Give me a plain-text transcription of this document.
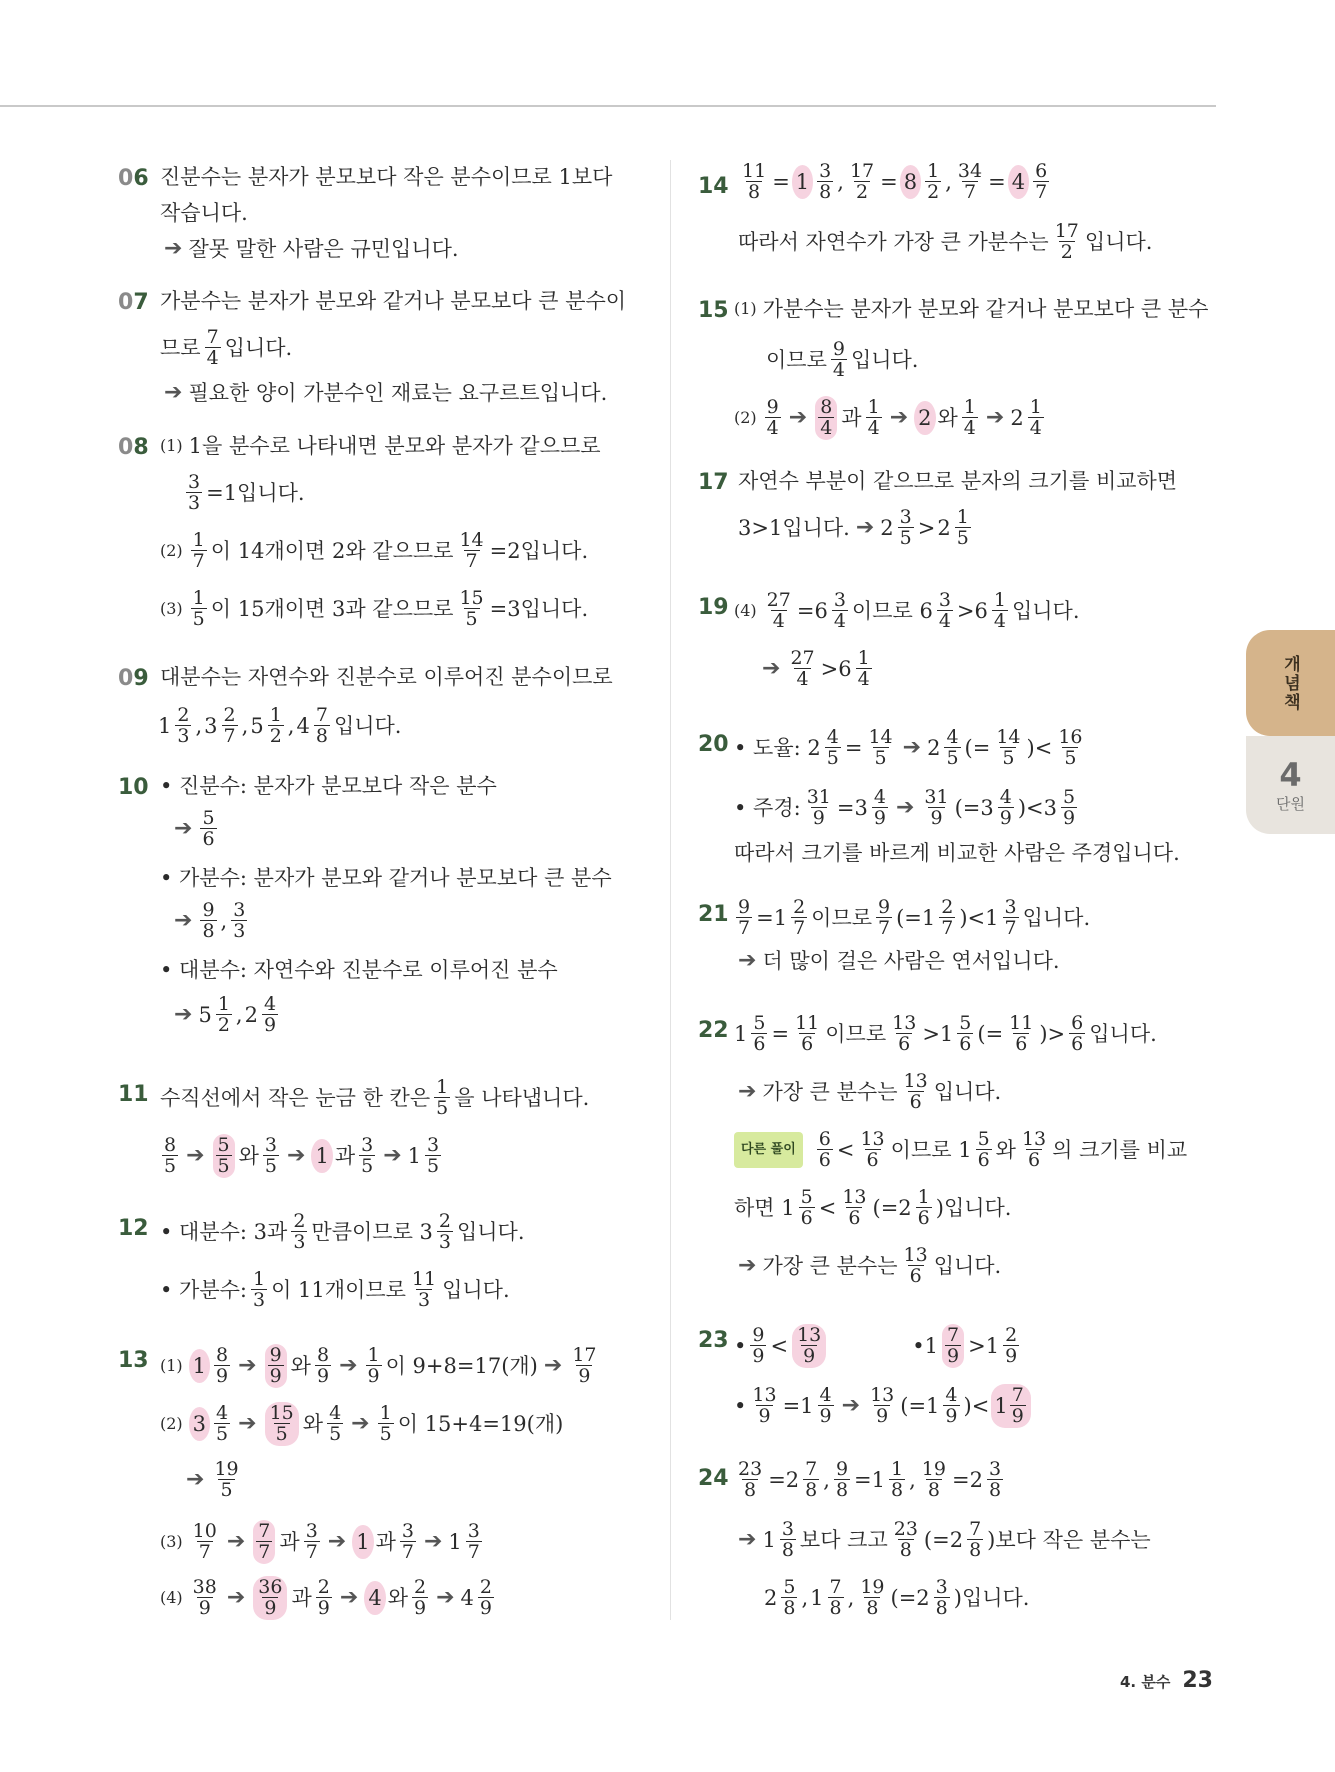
06 진분수는 분자가 분모보다 작은 분수이므로 1보다
작습니다.
➔ 잘못 말한 사람은 규민입니다.
07 가분수는 분자가 분모와 같거나 분모보다 큰 분수이
므로 7
4 입니다.
➔ 필요한 양이 가분수인 재료는 요구르트입니다.
08 (1) 1을 분수로 나타내면 분모와 분자가 같으므로
$\frac{3}{3} =1$입니다.
(2) 1
7 이 14개이면 2와 같으므로 $\frac{14}{7} =2$입니다.
(3) 1
5 이 15개이면 3과 같으므로 $\frac{15}{5} =3$입니다.
09 대분수는 자연수와 진분수로 이루어진 분수이므로
1 2
3 , 3 2
7 , 5 1
2 , 4 7
8 입니다.
10 • 진분수: 분자가 분모보다 작은 분수
➔ 5
6
• 가분수: 분자가 분모와 같거나 분모보다 큰 분수
➔ 9
8 , 3
3
• 대분수: 자연수와 진분수로 이루어진 분수
➔ 5 1
2 , 2 4
9
11 수직선에서 작은 눈금 한 칸은 1
5 을 나타냅니다.
8
5 ➔ 5
5 와 3
5 ➔ 1 과 3
5 ➔ 1 3
5
12 • 대분수: 3과 2
3 만큼이므로 3 2
3 입니다.
• 가분수: 1
3 이 11개이므로 11
3 입니다.
13 (1) 1 8
9 ➔ 9
9 와 8
9 ➔ 1
9 이 9+8=17(개) ➔ 17
9
(2) 3 4
5 ➔ 15
5 와 4
5 ➔ 1
5 이 15+4=19(개)
➔ 19
5
(3) 10
7 ➔ 7
7 과 3
7 ➔ 1 과 3
7 ➔ 1 3
7
(4) 38
9 ➔ 36
9 과 2
9 ➔ 4 와 2
9 ➔ 4 2
9
$14 \frac{11}{8} = 1$ 3
8 , $\frac{17}{2} = 8$ 1
2 , $\frac{34}{7} = 4$ 6
7
따라서 자연수가 가장 큰 가분수는 17
2 입니다.
15 (1) 가분수는 분자가 분모와 같거나 분모보다 큰 분수
이므로 9
4 입니다.
(2) 9
4 ➔ 8
4 과 1
4 ➔ 2 와 1
4 ➔ 2 1
4
17 자연수 부분이 같으므로 분자의 크기를 비교하면
3>1입니다. ➔ 2 3
5 > 2 1
5
19 $(4) \frac{27}{4} =6$ 3
4 이므로 6 3
4 >6 1
4 입니다.
➔ 27
4 >6 1
4
20 • 도율: $2 \frac{4}{5} = \frac{14}{5}$ ➔ 2 4
5 (= $\frac{14}{5}$ )< 16
5
• 주경: $\frac{31}{9} =3$ 4
9 ➔ 31
9 (=3 4
9 )<3 5
9
따라서 크기를 바르게 비교한 사람은 주경입니다.
$21 \frac{9}{7} =1$ 2
7 이므로 9
7 (=1 2
7 )<1 3
7 입니다.
➔ 더 많이 걸은 사람은 연서입니다.
22 $1 \frac{5}{6} = \frac{11}{6}$ 이므로 13
6 >1 5
6 (= $\frac{11}{6}$ )> 6
6 입니다.
➔ 가장 큰 분수는 13
6 입니다.
다른 풀이	6
6 < 13
6 이므로 1 5
6 와 13
6 의 크기를 비교
하면 1 5
6 < 13
6 (=2 1
6 )입니다.
➔ 가장 큰 분수는 13
6 입니다.
23 • 9
9 < 13
9	•1 7
9 >1 2
9
• $\frac{13}{9} =1$ 4
9 ➔ 13
9 (=1 4
9 )< 1 7
9
$24 \frac{23}{8} =2$ 7
8 , $\frac{9}{8} =1$ 1
8 , $\frac{19}{8} =2$ 3
8
➔ 1 3
8 보다 크고 23
8 (=2 7
8 )보다 작은 분수는
2 5
8 , 1 7
8 , 19
8 (=2 3
8 )입니다.
개념책
4
단원
4. 분수 23
